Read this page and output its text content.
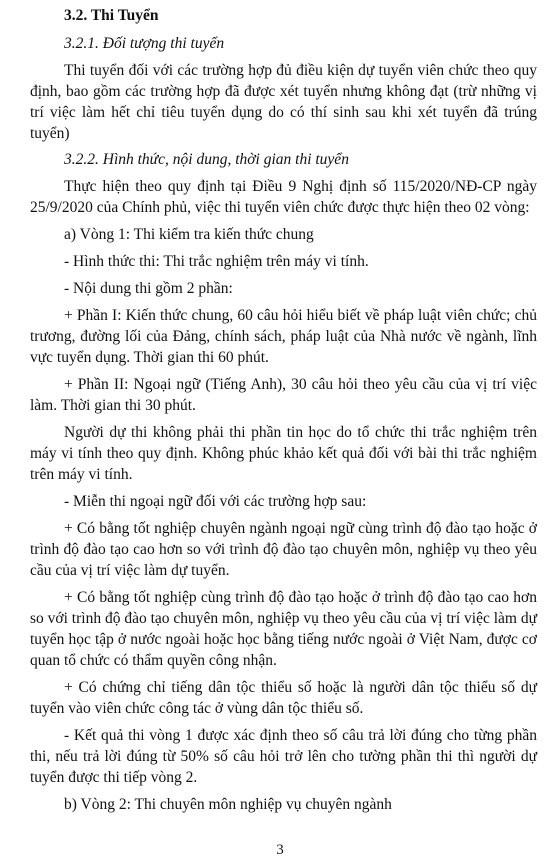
3.2. Thi Tuyển
3.2.1. Đối tượng thi tuyển

Thi tuyển đối với các trường hợp đủ điều kiện dự tuyển viên chức theo quy định, bao gồm các trường hợp đã được xét tuyển nhưng không đạt (trừ những vị trí việc làm hết chỉ tiêu tuyển dụng do có thí sinh sau khi xét tuyển đã trúng tuyển)

3.2.2. Hình thức, nội dung, thời gian thi tuyển

Thực hiện theo quy định tại Điều 9 Nghị định số 115/2020/NĐ-CP ngày 25/9/2020 của Chính phủ, việc thi tuyển viên chức được thực hiện theo 02 vòng:

a) Vòng 1: Thi kiểm tra kiến thức chung

- Hình thức thi: Thi trắc nghiệm trên máy vi tính.

- Nội dung thi gồm 2 phần:

+ Phần I: Kiến thức chung, 60 câu hỏi hiểu biết về pháp luật viên chức; chủ trương, đường lối của Đảng, chính sách, pháp luật của Nhà nước về ngành, lĩnh vực tuyển dụng. Thời gian thi 60 phút.

+ Phần II: Ngoại ngữ (Tiếng Anh), 30 câu hỏi theo yêu cầu của vị trí việc làm. Thời gian thi 30 phút.

Người dự thi không phải thi phần tin học do tổ chức thi trắc nghiệm trên máy vi tính theo quy định. Không phúc khảo kết quả đối với bài thi trắc nghiệm trên máy vi tính.

- Miễn thi ngoại ngữ đối với các trường hợp sau:

+ Có bằng tốt nghiệp chuyên ngành ngoại ngữ cùng trình độ đào tạo hoặc ở trình độ đào tạo cao hơn so với trình độ đào tạo chuyên môn, nghiệp vụ theo yêu cầu của vị trí việc làm dự tuyển.

+ Có bằng tốt nghiệp cùng trình độ đào tạo hoặc ở trình độ đào tạo cao hơn so với trình độ đào tạo chuyên môn, nghiệp vụ theo yêu cầu của vị trí việc làm dự tuyển học tập ở nước ngoài hoặc học bằng tiếng nước ngoài ở Việt Nam, được cơ quan tổ chức có thẩm quyền công nhận.

+ Có chứng chỉ tiếng dân tộc thiểu số hoặc là người dân tộc thiểu số dự tuyển vào viên chức công tác ở vùng dân tộc thiểu số.

- Kết quả thi vòng 1 được xác định theo số câu trả lời đúng cho từng phần thi, nếu trả lời đúng từ 50% số câu hỏi trở lên cho tường phần thi thì người dự tuyển được thi tiếp vòng 2.

b) Vòng 2: Thi chuyên môn nghiệp vụ chuyên ngành

3
